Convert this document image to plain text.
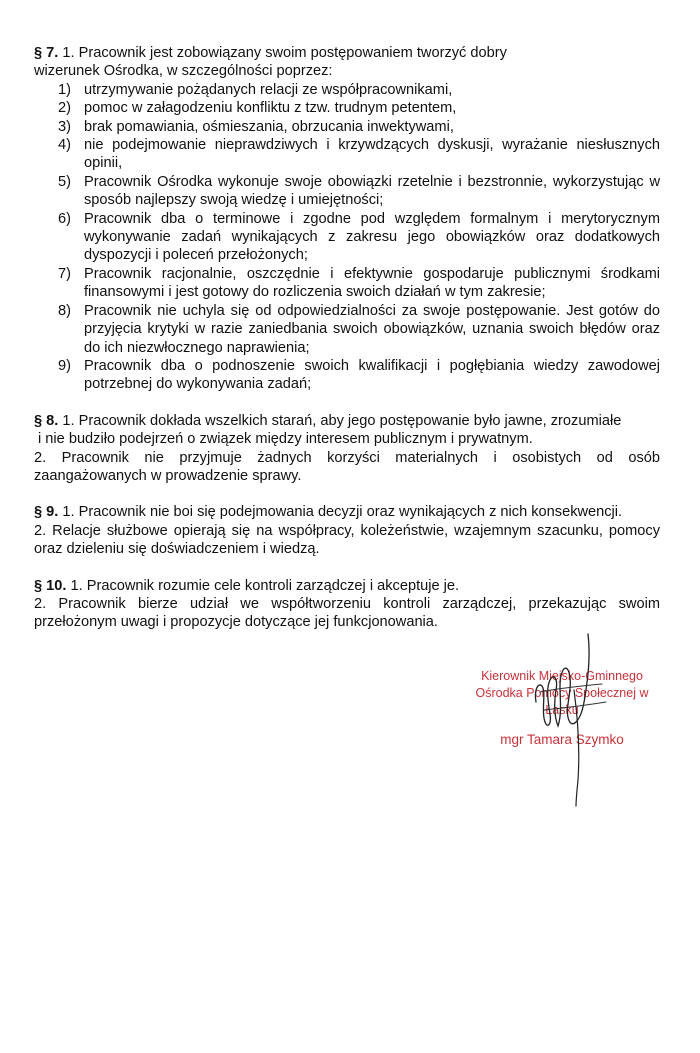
§ 7. 1. Pracownik jest zobowiązany swoim postępowaniem tworzyć dobry
wizerunek Ośrodka, w szczególności poprzez:
1) utrzymywanie pożądanych relacji ze współpracownikami,
2) pomoc w załagodzeniu konfliktu z tzw. trudnym petentem,
3) brak pomawiania, ośmieszania, obrzucania inwektywami,
4) nie podejmowanie nieprawdziwych i krzywdzących dyskusji, wyrażanie niesłusznych opinii,
5) Pracownik Ośrodka wykonuje swoje obowiązki rzetelnie i bezstronnie, wykorzystując w sposób najlepszy swoją wiedzę i umiejętności;
6) Pracownik dba o terminowe i zgodne pod względem formalnym i merytorycznym wykonywanie zadań wynikających z zakresu jego obowiązków oraz dodatkowych dyspozycji i poleceń przełożonych;
7) Pracownik racjonalnie, oszczędnie i efektywnie gospodaruje publicznymi środkami finansowymi i jest gotowy do rozliczenia swoich działań w tym zakresie;
8) Pracownik nie uchyla się od odpowiedzialności za swoje postępowanie. Jest gotów do przyjęcia krytyki w razie zaniedbania swoich obowiązków, uznania swoich błędów oraz do ich niezwłocznego naprawienia;
9) Pracownik dba o podnoszenie swoich kwalifikacji i pogłębiania wiedzy zawodowej potrzebnej do wykonywania zadań;
§ 8. 1. Pracownik dokłada wszelkich starań, aby jego postępowanie było jawne, zrozumiałe
i nie budziło podejrzeń o związek między interesem publicznym i prywatnym.
2. Pracownik nie przyjmuje żadnych korzyści materialnych i osobistych od osób zaangażowanych w prowadzenie sprawy.
§ 9. 1. Pracownik nie boi się podejmowania decyzji oraz wynikających z nich konsekwencji.
2. Relacje służbowe opierają się na współpracy, koleżeństwie, wzajemnym szacunku, pomocy oraz dzieleniu się doświadczeniem i wiedzą.
§ 10. 1. Pracownik rozumie cele kontroli zarządczej i akceptuje je.
2. Pracownik bierze udział we współtworzeniu kontroli zarządczej, przekazując swoim przełożonym uwagi i propozycje dotyczące jej funkcjonowania.
Kierownik Miejsko-Gminnego
Ośrodka Pomocy Społecznej w Łasku
mgr Tamara Szymko
